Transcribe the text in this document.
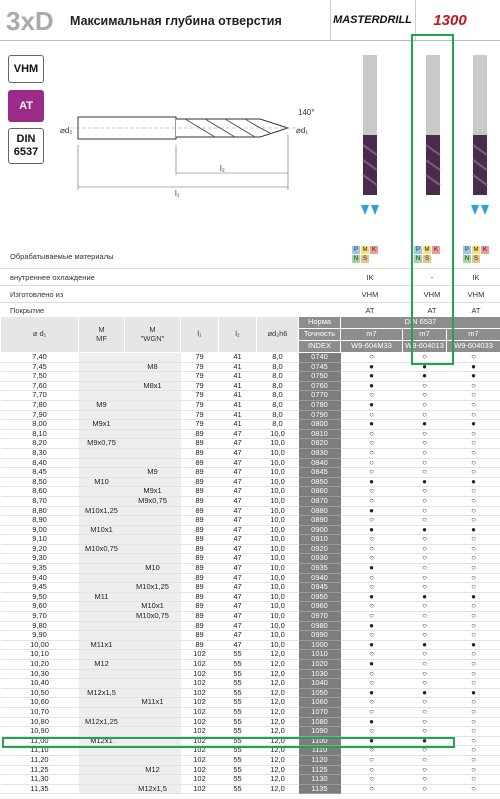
3xD	Максимальная глубина отверстия	MASTERDRILL	1300
VHM
AT
DIN
6537
⌀d₂	⌀d₁
l₂
l₁
140°
Обрабатываемые материалы
P M K
N S
P M K
N S
P M K
N S
внутреннее охлаждение	IK	-	IK
Изготовлено из	VHM	VHM	VHM
Покрытие	AT	AT	AT
⌀ d₁	M
MF	M
"WGN"	l₁	l₂	⌀d₂h6	Норма	DIN 6537		
						Точность	m7	m7	m7
						INDEX	W9-604M33	W9-604013	W9-604033
7,40			79	41	8,0	0740	○	○	○
7,45		M8	79	41	8,0	0745	●	●	●
7,50			79	41	8,0	0750	●	●	●
7,60		M8x1	79	41	8,0	0760	●	○	○
7,70			79	41	8,0	0770	○	○	○
7,80	M9		79	41	8,0	0780	●	○	○
7,90			79	41	8,0	0790	○	○	○
8,00	M9x1		79	41	8,0	0800	●	●	●
8,10			89	47	10,0	0810	○	○	○
8,20	M9x0,75		89	47	10,0	0820	○	○	○
8,30			89	47	10,0	0830	○	○	○
8,40			89	47	10,0	0840	○	○	○
8,45		M9	89	47	10,0	0845	○	○	○
8,50	M10		89	47	10,0	0850	●	●	●
8,60		M9x1	89	47	10,0	0860	○	○	○
8,70		M9x0,75	89	47	10,0	0870	○	○	○
8,80	M10x1,25		89	47	10,0	0880	●	○	○
8,90			89	47	10,0	0890	○	○	○
9,00	M10x1		89	47	10,0	0900	●	●	●
9,10			89	47	10,0	0910	○	○	○
9,20	M10x0,75		89	47	10,0	0920	○	○	○
9,30			89	47	10,0	0930	○	○	○
9,35		M10	89	47	10,0	0935	●	○	○
9,40			89	47	10,0	0940	○	○	○
9,45		M10x1,25	89	47	10,0	0945	○	○	○
9,50	M11		89	47	10,0	0950	●	●	●
9,60		M10x1	89	47	10,0	0960	○	○	○
9,70		M10x0,75	89	47	10,0	0970	○	○	○
9,80			89	47	10,0	0980	●	○	○
9,90			89	47	10,0	0990	○	○	○
10,00	M11x1		89	47	10,0	1000	●	●	●
10,10			102	55	12,0	1010	○	○	○
10,20	M12		102	55	12,0	1020	●	○	○
10,30			102	55	12,0	1030	○	○	○
10,40			102	55	12,0	1040	○	○	○
10,50	M12x1,5		102	55	12,0	1050	●	●	●
10,60		M11x1	102	55	12,0	1060	○	○	○
10,70			102	55	12,0	1070	○	○	○
10,80	M12x1,25		102	55	12,0	1080	●	○	○
10,90			102	55	12,0	1090	○	○	○
11,00	M12x1		102	55	12,0	1100	●	●	○
11,10			102	55	12,0	1110	○	○	○
11,20			102	55	12,0	1120	○	○	○
11,25		M12	102	55	12,0	1125	○	○	○
11,30			102	55	12,0	1130	○	○	○
11,35		M12x1,5	102	55	12,0	1135	○	○	○
